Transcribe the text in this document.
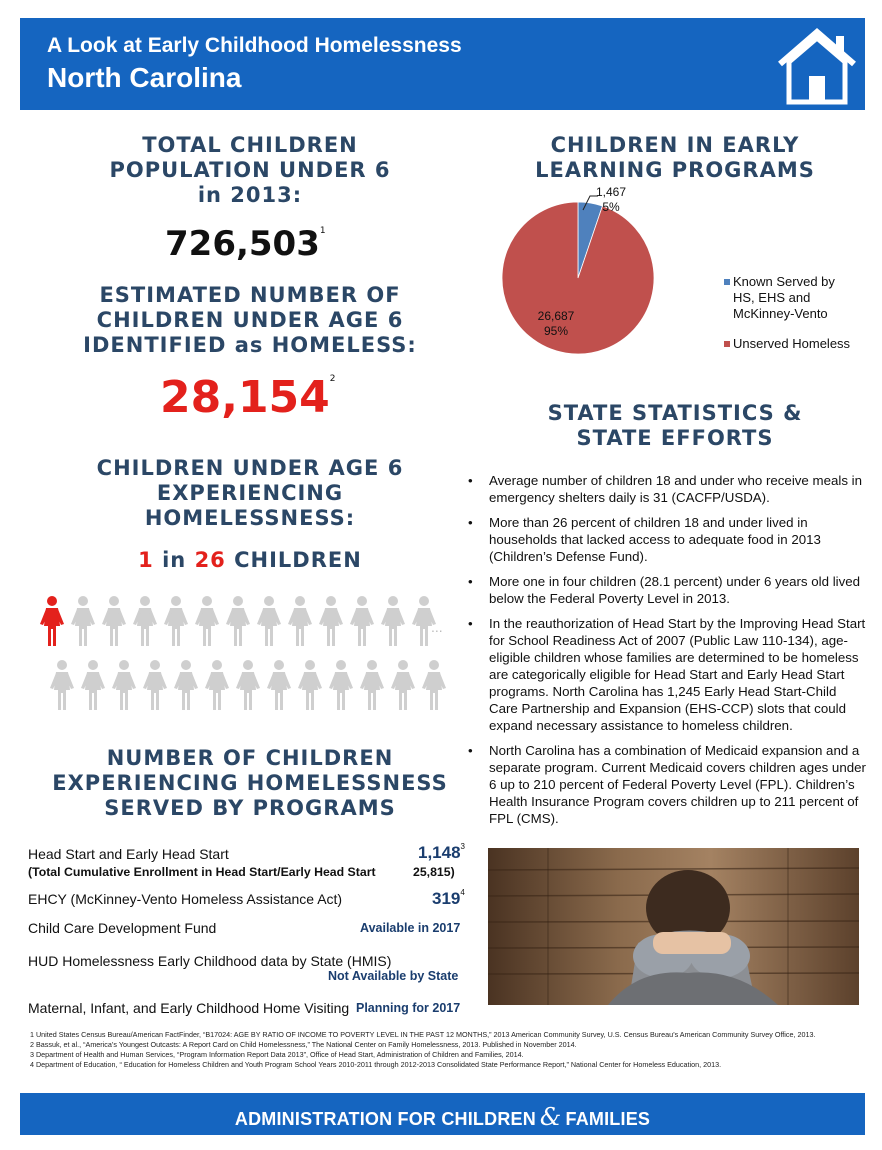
A Look at Early Childhood Homelessness
North Carolina
TOTAL CHILDREN
POPULATION UNDER 6
in 2013:
726,503$^1$
ESTIMATED NUMBER OF
CHILDREN UNDER AGE 6
IDENTIFIED as HOMELESS:
28,154$^2$
CHILDREN UNDER AGE 6
EXPERIENCING
HOMELESSNESS:
1 in 26 CHILDREN
...
NUMBER OF CHILDREN
EXPERIENCING HOMELESSNESS
SERVED BY PROGRAMS
Head Start and Early Head Start	1,148$^3$
(Total Cumulative Enrollment in Head Start/Early Head Start	25,815)
EHCY (McKinney-Vento Homeless Assistance Act)	$319^4$
Child Care Development Fund	Available in 2017
HUD Homelessness Early Childhood data by State (HMIS)
Not Available by State
Maternal, Infant, and Early Childhood Home Visiting Planning for 2017
CHILDREN IN EARLY
LEARNING PROGRAMS
1,467
5%
26,687
95%
Known Served by
HS, EHS and
McKinney-Vento
Unserved Homeless
STATE STATISTICS &
STATE EFFORTS
• Average number of children 18 and under who receive meals in emergency shelters daily is 31 (CACFP/USDA).
• More than 26 percent of children 18 and under lived in households that lacked access to adequate food in 2013 (Children’s Defense Fund).
• More one in four children (28.1 percent) under 6 years old lived below the Federal Poverty Level in 2013.
• In the reauthorization of Head Start by the Improving Head Start for School Readiness Act of 2007 (Public Law 110-134), age-eligible children whose families are determined to be homeless are categorically eligible for Head Start and Early Head Start programs. North Carolina has 1,245 Early Head Start-Child Care Partnership and Expansion (EHS-CCP) slots that could expand necessary assistance to homeless children.
• North Carolina has a combination of Medicaid expansion and a separate program. Current Medicaid covers children ages under 6 up to 210 percent of Federal Poverty Level (FPL). Children’s Health Insurance Program covers children up to 211 percent of FPL (CMS).
1 United States Census Bureau/American FactFinder, “B17024: AGE BY RATIO OF INCOME TO POVERTY LEVEL IN THE PAST 12 MONTHS,” 2013 American Community Survey, U.S. Census Bureau’s American Community Survey Office, 2013.
2 Bassuk, et al., “America’s Youngest Outcasts: A Report Card on Child Homelessness,” The National Center on Family Homelessness, 2013. Published in November 2014.
3 Department of Health and Human Services, “Program Information Report Data 2013”, Office of Head Start, Administration of Children and Families, 2014.
4 Department of Education, “ Education for Homeless Children and Youth Program School Years 2010-2011 through 2012-2013 Consolidated State Performance Report,” National Center for Homeless Education, 2013.
ADMINISTRATION FOR CHILDREN & FAMILIES
